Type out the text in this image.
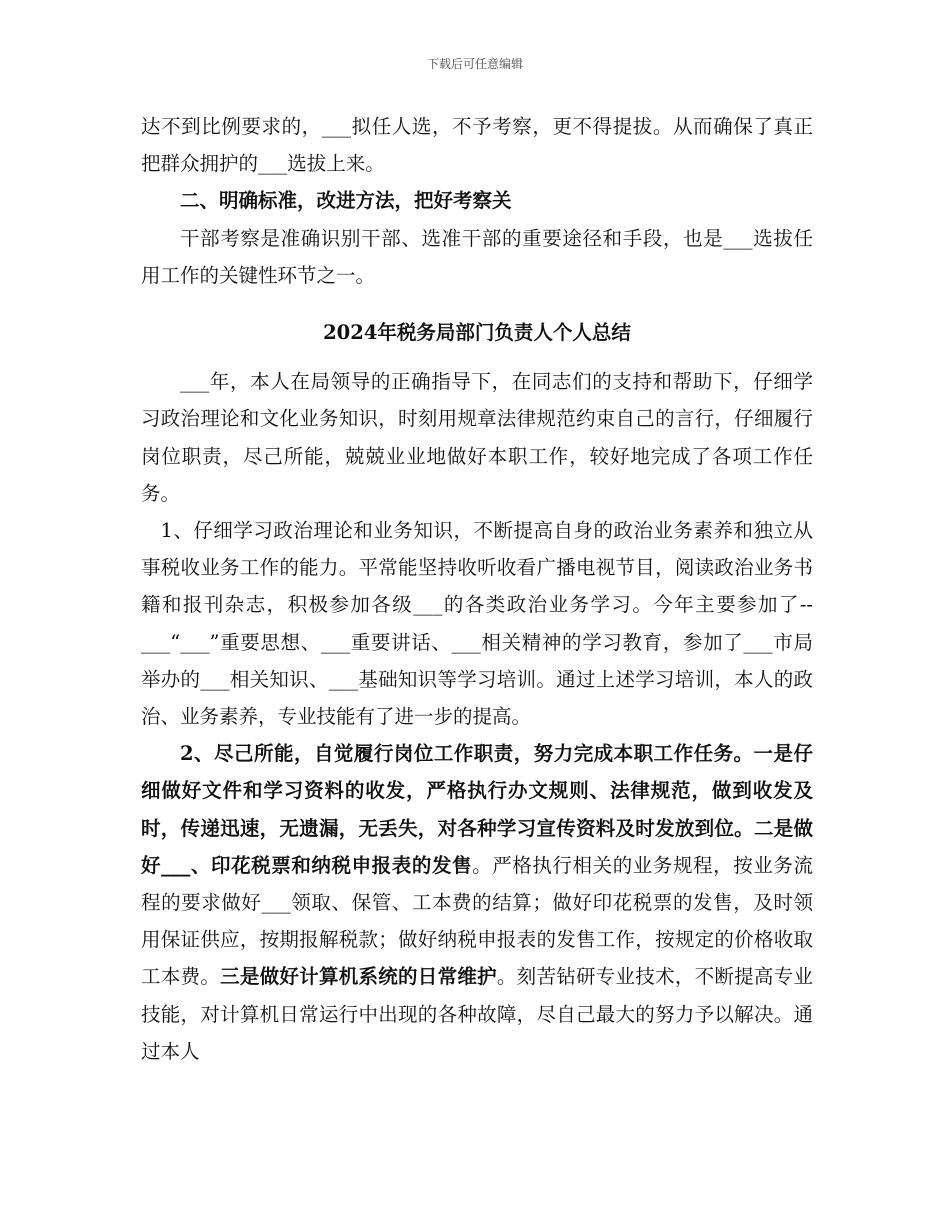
下载后可任意编辑

达不到比例要求的，___拟任人选，不予考察，更不得提拔。从而确保了真正把群众拥护的___选拔上来。

二、明确标准，改进方法，把好考察关

干部考察是准确识别干部、选准干部的重要途径和手段，也是___选拔任用工作的关键性环节之一。

2024年税务局部门负责人个人总结

___年，本人在局领导的正确指导下，在同志们的支持和帮助下，仔细学习政治理论和文化业务知识，时刻用规章法律规范约束自己的言行，仔细履行岗位职责，尽己所能，兢兢业业地做好本职工作，较好地完成了各项工作任务。

1、仔细学习政治理论和业务知识，不断提高自身的政治业务素养和独立从事税收业务工作的能力。平常能坚持收听收看广播电视节目，阅读政治业务书籍和报刊杂志，积极参加各级___的各类政治业务学习。今年主要参加了--___“___”重要思想、___重要讲话、___相关精神的学习教育，参加了___市局举办的___相关知识、___基础知识等学习培训。通过上述学习培训，本人的政治、业务素养，专业技能有了进一步的提高。

2、尽己所能，自觉履行岗位工作职责，努力完成本职工作任务。一是仔细做好文件和学习资料的收发，严格执行办文规则、法律规范，做到收发及时，传递迅速，无遗漏，无丢失，对各种学习宣传资料及时发放到位。二是做好___、印花税票和纳税申报表的发售。严格执行相关的业务规程，按业务流程的要求做好___领取、保管、工本费的结算；做好印花税票的发售，及时领用保证供应，按期报解税款；做好纳税申报表的发售工作，按规定的价格收取工本费。三是做好计算机系统的日常维护。刻苦钻研专业技术，不断提高专业技能，对计算机日常运行中出现的各种故障，尽自己最大的努力予以解决。通过本人
